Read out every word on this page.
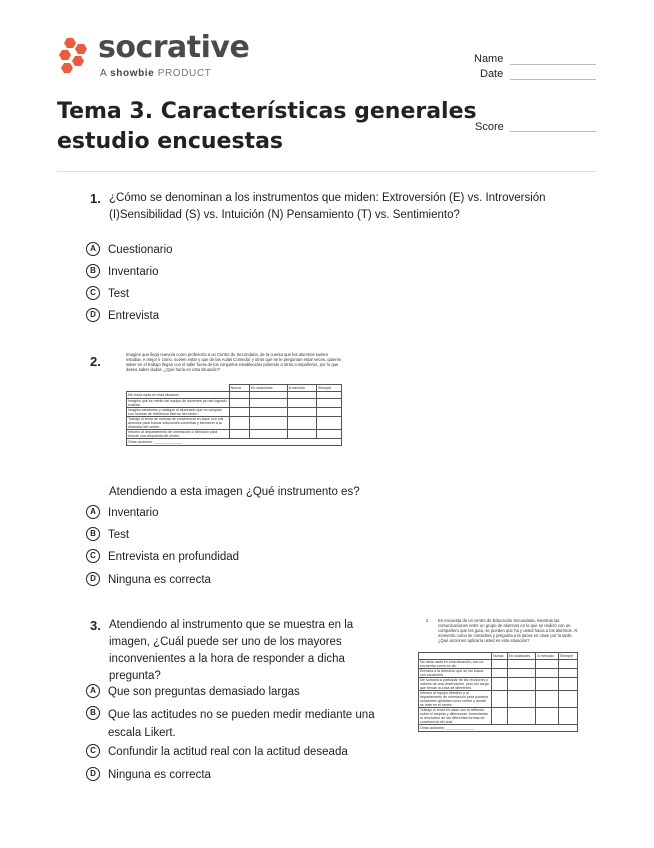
socrative
A showbie PRODUCT
Name
Date
Score
Tema 3. Características generales estudio encuestas
1. ¿Cómo se denominan a los instrumentos que miden: Extroversión (E) vs. Introversión (I)Sensibilidad (S) vs. Intuición (N) Pensamiento (T) vs. Sentimiento?
A	Cuestionario
B	Inventario
C	Test
D	Entrevista
2.	Imagine que llega nuevo/a como profesor/a a un Centro de Secundaria, de la cuenta que los alumnos suelen estudiar. A mejor ir como, suelen estar y que de las Aulas Comedor y otros que se le preguntan estar veces, quieren saber en el trabajo llegan con el taller fuera de los conjuntos establecidos pidiendo a otros compañeros, por lo que desea saber dudas. ¿Qué haría en esta situación?
	Nunca	En ocasiones	A menudo	Siempre
Me fuera nada en esta situación				
Imagino que es mérito del equipo de docentes ya han logrado evaluar.				
Imagino sanciones y castigos al alumnado que no cumplan con normas de referencia interno del centro				
Trabajo el tema de normas de convivencia en clase con mis alumnos para buscar soluciones concretas y favorecer a la dinámica del centro				
Informo al departamento de orientación o dirección para buscar una respuesta del centro				
Otras acciones: ______________				
Atendiendo a esta imagen ¿Qué instrumento es?
A	Inventario
B	Test
C	Entrevista en profundidad
D	Ninguna es correcta
3. Atendiendo al instrumento que se muestra en la imagen, ¿Cuál puede ser uno de los mayores inconvenientes a la hora de responder a dicha pregunta?
2. En encuesta de un centro de Educación Secundaria, mientras las comunicaciones entre un grupo de alumnos en la que se realizó con un compañero que les guía, se pueden que ha y usted hacia a los alumnos. Al momento como se considera y pregunta a la tutora en clase por la tarde. ¿Qué acciones aplicaría usted en esta situación?
	Nunca	En ocasiones	A menudo	Siempre
No haría nada en esta situación, con un encuentro como se dio				
Elevaría a la dirección que se los busca con sanciones				
Me sumaría a participar de las reuniones y valores de una observación, pero sin cargo que tenían la cosa de diferentes				
Informo al equipo directivo y al departamento de orientación para plantear soluciones globales como centro y donde se trate en el centro				
Trabajo el tema en clase con la reflexión sobre el respeto y diferencias, fomentando la resolución de las diferentes formas de convivencia del aula				
Otras acciones: ______________				
A	Que son preguntas demasiado largas
B	Que las actitudes no se pueden medir mediante una escala Likert.
C	Confundir la actitud real con la actitud deseada
D	Ninguna es correcta
